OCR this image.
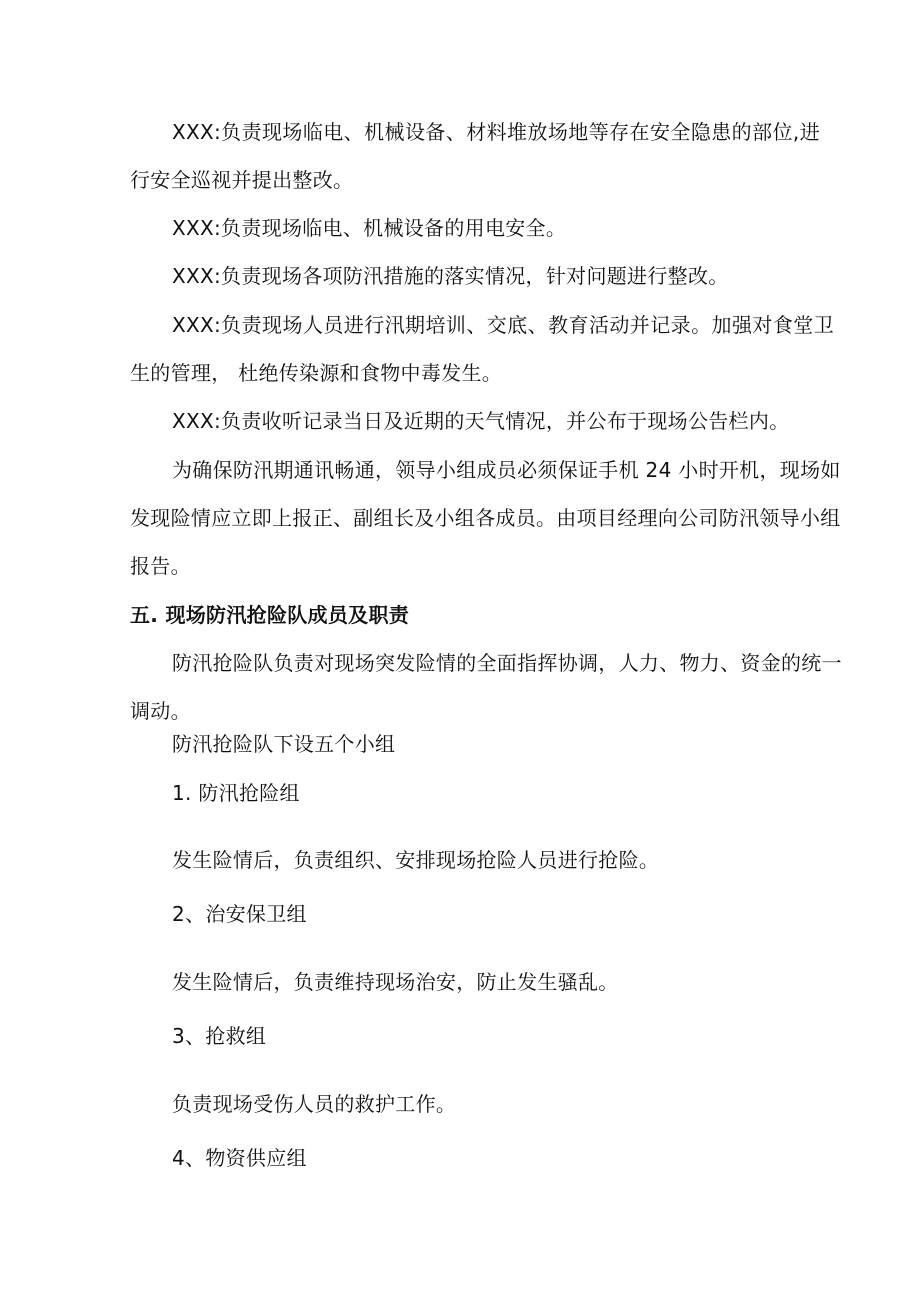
XXX:负责现场临电、机械设备、材料堆放场地等存在安全隐患的部位,进
行安全巡视并提出整改。
XXX:负责现场临电、机械设备的用电安全。
XXX:负责现场各项防汛措施的落实情况，针对问题进行整改。
XXX:负责现场人员进行汛期培训、交底、教育活动并记录。加强对食堂卫
生的管理， 杜绝传染源和食物中毒发生。
XXX:负责收听记录当日及近期的天气情况，并公布于现场公告栏内。
为确保防汛期通讯畅通，领导小组成员必须保证手机 24 小时开机，现场如
发现险情应立即上报正、副组长及小组各成员。由项目经理向公司防汛领导小组
报告。
五. 现场防汛抢险队成员及职责
防汛抢险队负责对现场突发险情的全面指挥协调，人力、物力、资金的统一
调动。
防汛抢险队下设五个小组
1. 防汛抢险组
发生险情后，负责组织、安排现场抢险人员进行抢险。
2、治安保卫组
发生险情后，负责维持现场治安，防止发生骚乱。
3、抢救组
负责现场受伤人员的救护工作。
4、物资供应组
